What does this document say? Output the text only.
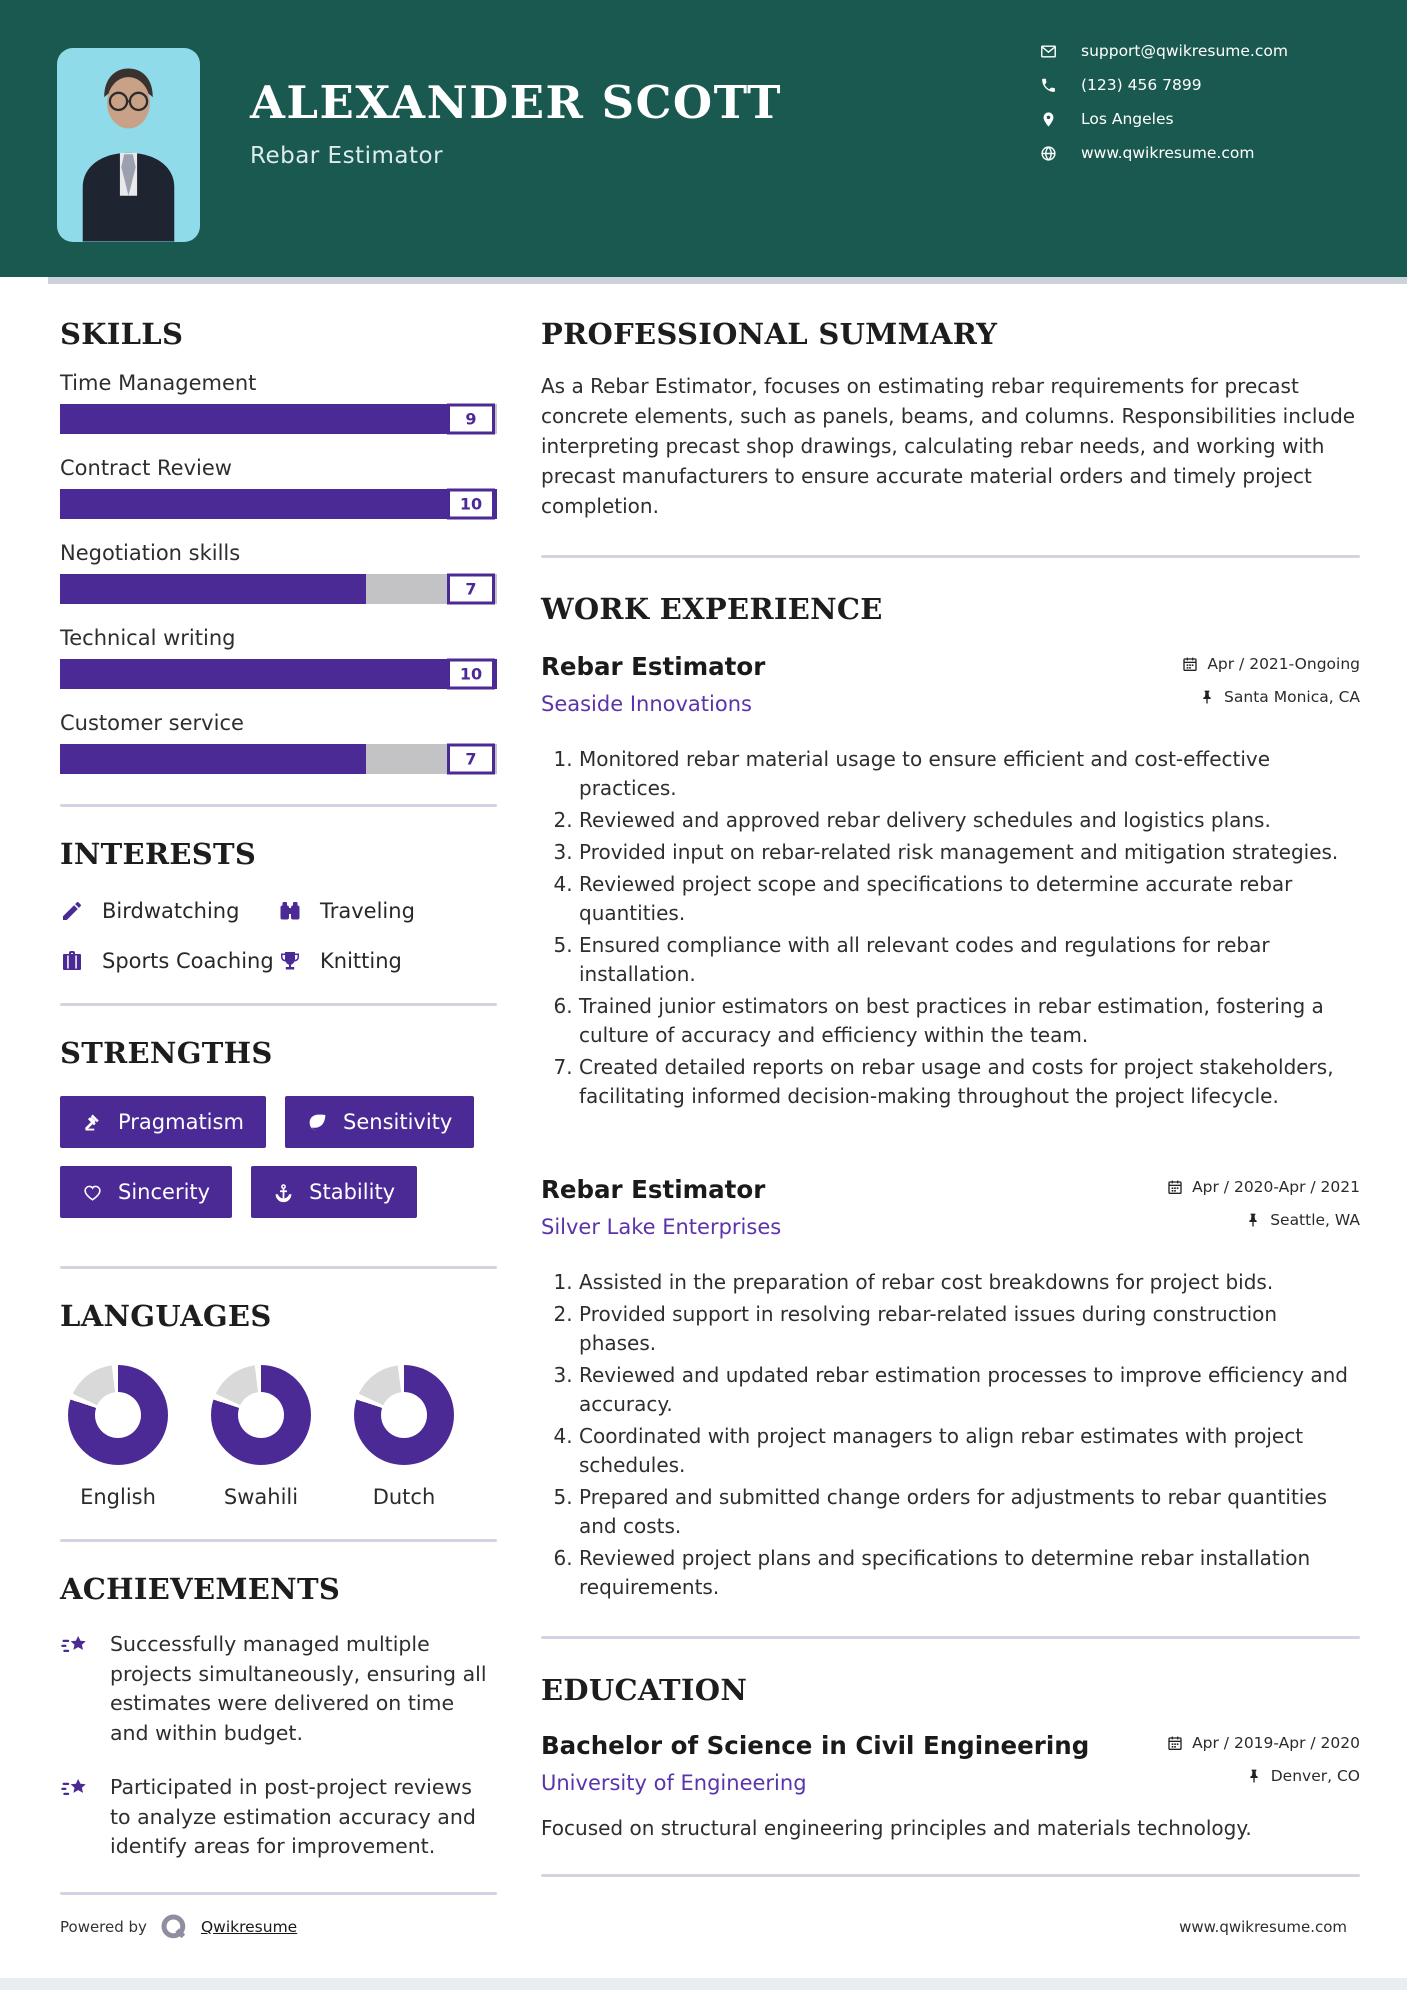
ALEXANDER SCOTT
Rebar Estimator
support@qwikresume.com
(123) 456 7899
Los Angeles
www.qwikresume.com
SKILLS
Time Management
9
Contract Review
10
Negotiation skills
7
Technical writing
10
Customer service
7
INTERESTS
Birdwatching	Traveling
Sports Coaching Knitting
STRENGTHS
Pragmatism
	Sensitivity

Sincerity
	Stability
LANGUAGES
English	Swahili	Dutch
ACHIEVEMENTS
Successfully managed multiple projects simultaneously, ensuring all estimates were delivered on time and within budget.
Participated in post-project reviews to analyze estimation accuracy and identify areas for improvement.
PROFESSIONAL SUMMARY

As a Rebar Estimator, focuses on estimating rebar requirements for precast concrete elements, such as panels, beams, and columns. Responsibilities include interpreting precast shop drawings, calculating rebar needs, and working with precast manufacturers to ensure accurate material orders and timely project completion.

WORK EXPERIENCE
Rebar Estimator
Seaside Innovations
Apr / 2021-Ongoing
Santa Monica, CA
1. Monitored rebar material usage to ensure efficient and cost-effective practices.
2. Reviewed and approved rebar delivery schedules and logistics plans.
3. Provided input on rebar-related risk management and mitigation strategies.
4. Reviewed project scope and specifications to determine accurate rebar quantities.
5. Ensured compliance with all relevant codes and regulations for rebar installation.
6. Trained junior estimators on best practices in rebar estimation, fostering a culture of accuracy and efficiency within the team.
7. Created detailed reports on rebar usage and costs for project stakeholders, facilitating informed decision-making throughout the project lifecycle.
Rebar Estimator
Silver Lake Enterprises
Apr / 2020-Apr / 2021
Seattle, WA
1. Assisted in the preparation of rebar cost breakdowns for project bids.
2. Provided support in resolving rebar-related issues during construction phases.
3. Reviewed and updated rebar estimation processes to improve efficiency and accuracy.
4. Coordinated with project managers to align rebar estimates with project schedules.
5. Prepared and submitted change orders for adjustments to rebar quantities and costs.
6. Reviewed project plans and specifications to determine rebar installation requirements.
EDUCATION
Bachelor of Science in Civil Engineering
University of Engineering
Apr / 2019-Apr / 2020
Denver, CO

Focused on structural engineering principles and materials technology.

Powered by	Qwikresume	www.qwikresume.com
